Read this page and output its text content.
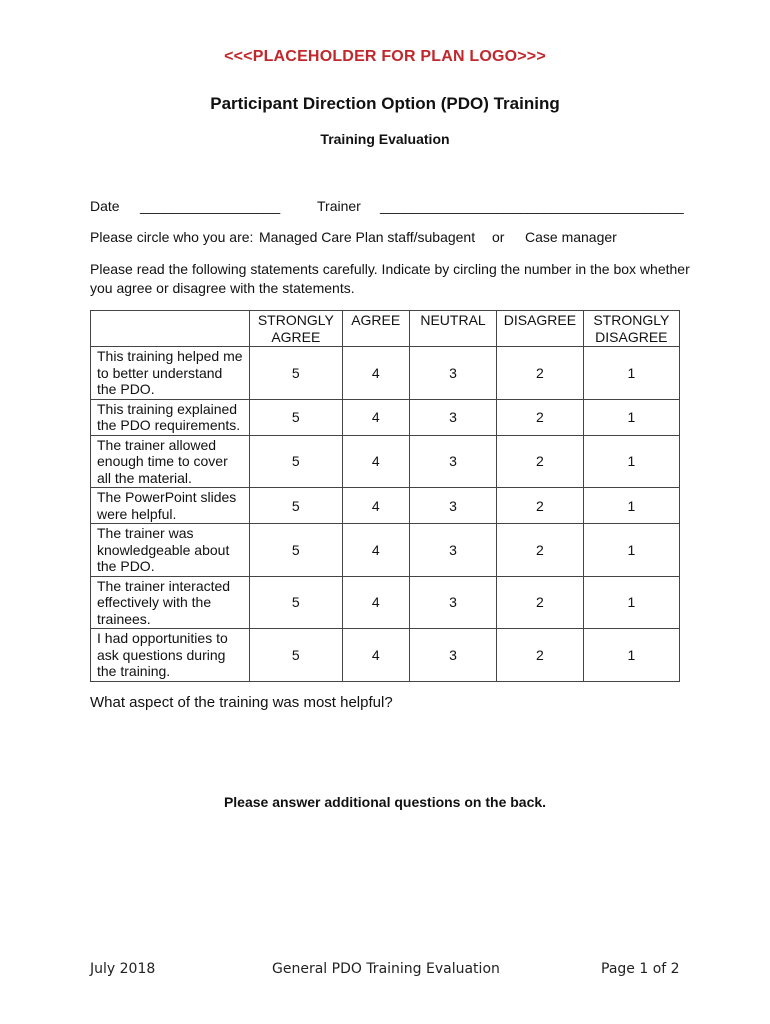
<<<PLACEHOLDER FOR PLAN LOGO>>>
Participant Direction Option (PDO) Training
Training Evaluation
Date __________________	Trainer _______________________________________
Please circle who you are: Managed Care Plan staff/subagent or Case manager
Please read the following statements carefully. Indicate by circling the number in the box whether you agree or disagree with the statements.
	STRONGLY AGREE	AGREE	NEUTRAL	DISAGREE	STRONGLY DISAGREE
This training helped me to better understand the PDO.	5	4	3	2	1
This training explained the PDO requirements.	5	4	3	2	1
The trainer allowed enough time to cover all the material.	5	4	3	2	1
The PowerPoint slides were helpful.	5	4	3	2	1
The trainer was knowledgeable about the PDO.	5	4	3	2	1
The trainer interacted effectively with the trainees.	5	4	3	2	1
I had opportunities to ask questions during the training.	5	4	3	2	1
What aspect of the training was most helpful?
Please answer additional questions on the back.
July 2018	General PDO Training Evaluation	Page 1 of 2
